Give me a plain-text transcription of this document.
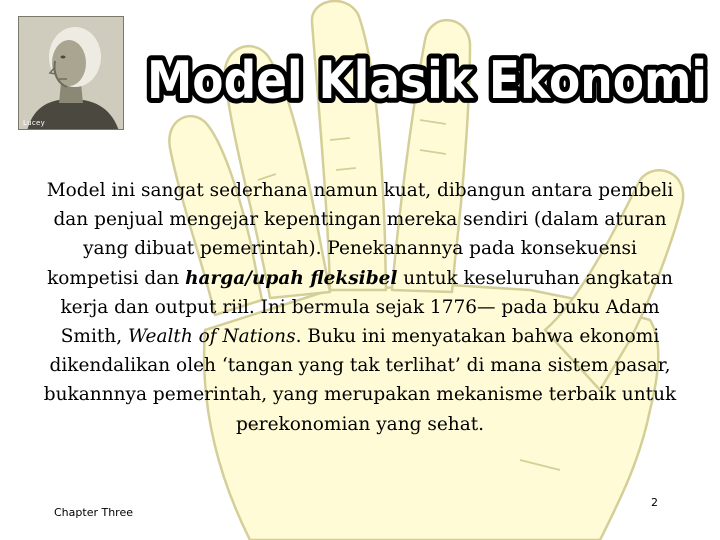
Lucey
Model Klasik Ekonomi
Model ini sangat sederhana namun kuat, dibangun antara pembeli dan penjual mengejar kepentingan mereka sendiri (dalam aturan yang dibuat pemerintah). Penekanannya pada konsekuensi kompetisi dan harga/upah fleksibel untuk keseluruhan angkatan kerja dan output riil. Ini bermula sejak 1776— pada buku Adam Smith, Wealth of Nations. Buku ini menyatakan bahwa ekonomi dikendalikan oleh ‘tangan yang tak terlihat’ di mana sistem pasar, bukannnya pemerintah, yang merupakan mekanisme terbaik untuk perekonomian yang sehat.
Chapter Three
2
